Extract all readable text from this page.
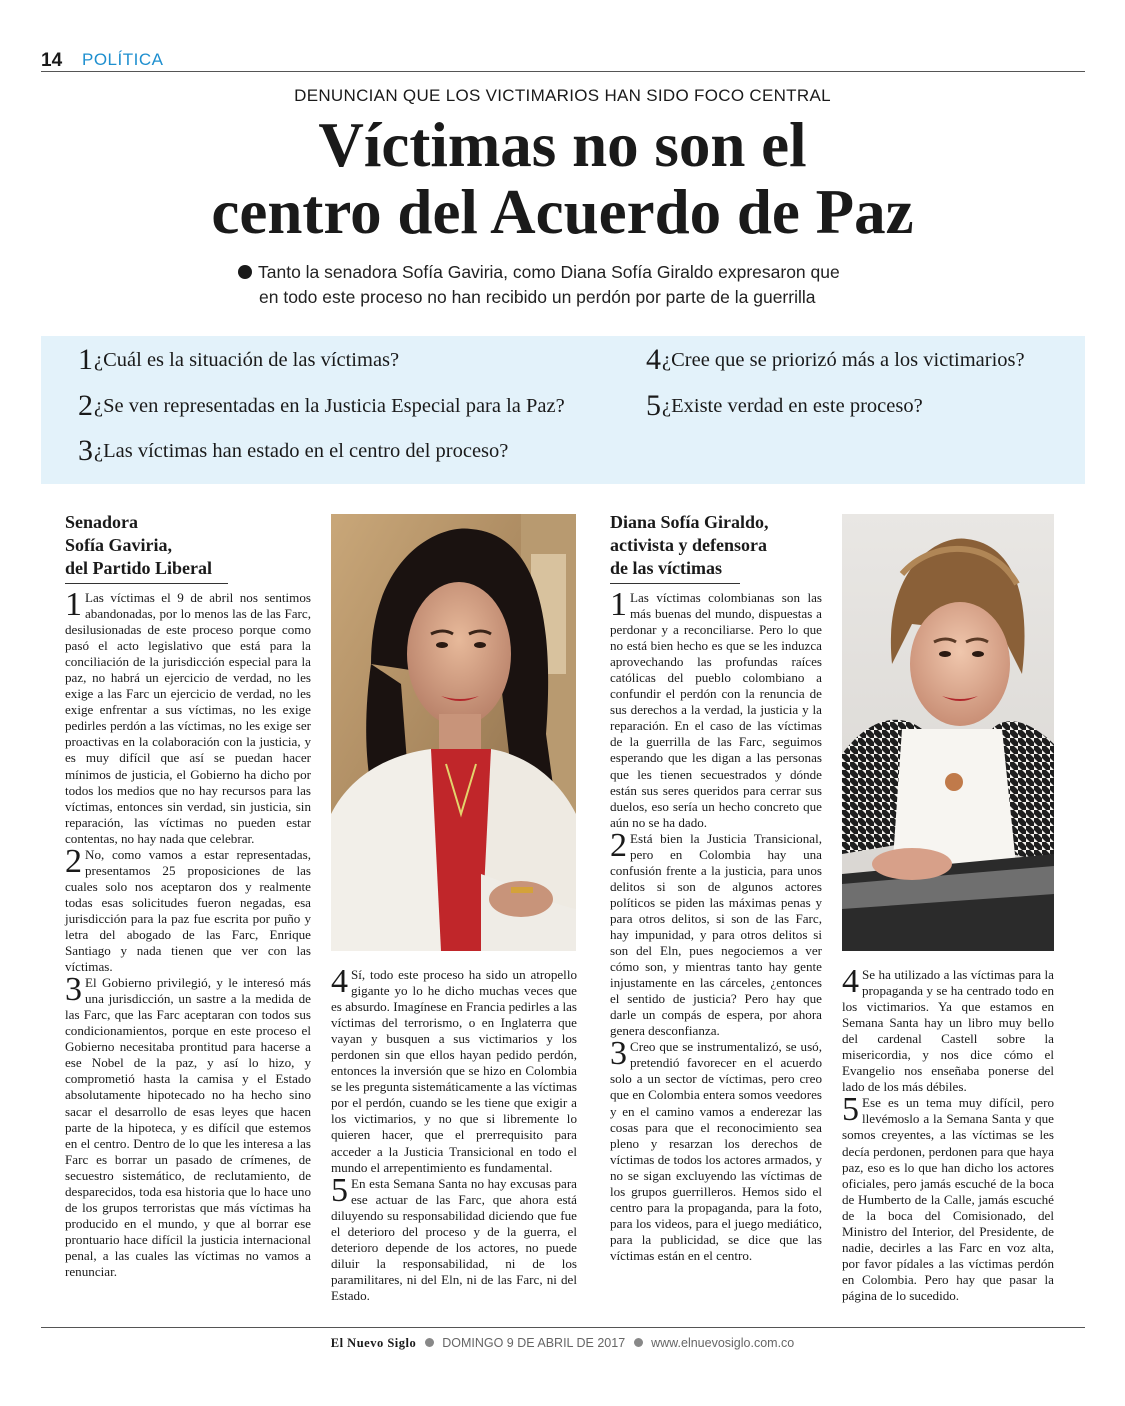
14 POLÍTICA
DENUNCIAN QUE LOS VICTIMARIOS HAN SIDO FOCO CENTRAL
Víctimas no son el
centro del Acuerdo de Paz
Tanto la senadora Sofía Gaviria, como Diana Sofía Giraldo expresaron que
en todo este proceso no han recibido un perdón por parte de la guerrilla
1¿Cuál es la situación de las víctimas?
2¿Se ven representadas en la Justicia Especial para la Paz?
3¿Las víctimas han estado en el centro del proceso?
4¿Cree que se priorizó más a los victimarios?
5¿Existe verdad en este proceso?
Senadora
Sofía Gaviria,
del Partido Liberal

1 Las víctimas el 9 de abril nos sentimos abandonadas, por lo menos las de las Farc, desilusionadas de este proceso porque como pasó el acto legislativo que está para la conciliación de la jurisdicción especial para la paz, no habrá un ejercicio de verdad, no les exige a las Farc un ejercicio de verdad, no les exige enfrentar a sus víctimas, no les exige pedirles perdón a las víctimas, no les exige ser proactivas en la colaboración con la justicia, y es muy difícil que así se puedan hacer mínimos de justicia, el Gobierno ha dicho por todos los medios que no hay recursos para las víctimas, entonces sin verdad, sin justicia, sin reparación, las víctimas no pueden estar contentas, no hay nada que celebrar.

2 No, como vamos a estar representadas, presentamos 25 proposiciones de las cuales solo nos aceptaron dos y realmente todas esas solicitudes fueron negadas, esa jurisdicción para la paz fue escrita por puño y letra del abogado de las Farc, Enrique Santiago y nada tienen que ver con las víctimas.

3 El Gobierno privilegió, y le interesó más una jurisdicción, un sastre a la medida de las Farc, que las Farc aceptaran con todos sus condicionamientos, porque en este proceso el Gobierno necesitaba prontitud para hacerse a ese Nobel de la paz, y así lo hizo, y comprometió hasta la camisa y el Estado absolutamente hipotecado no ha hecho sino sacar el desarrollo de esas leyes que hacen parte de la hipoteca, y es difícil que estemos en el centro. Dentro de lo que les interesa a las Farc es borrar un pasado de crímenes, de secuestro sistemático, de reclutamiento, de desparecidos, toda esa historia que lo hace uno de los grupos terroristas que más víctimas ha producido en el mundo, y que al borrar ese prontuario hace difícil la justicia internacional penal, a las cuales las víctimas no vamos a renunciar.

4 Sí, todo este proceso ha sido un atropello gigante yo lo he dicho muchas veces que es absurdo. Imagínese en Francia pedirles a las víctimas del terrorismo, o en Inglaterra que vayan y busquen a sus victimarios y los perdonen sin que ellos hayan pedido perdón, entonces la inversión que se hizo en Colombia se les pregunta sistemáticamente a las víctimas por el perdón, cuando se les tiene que exigir a los victimarios, y no que si libremente lo quieren hacer, que el prerrequisito para acceder a la Justicia Transicional en todo el mundo el arrepentimiento es fundamental.

5 En esta Semana Santa no hay excusas para ese actuar de las Farc, que ahora está diluyendo su responsabilidad diciendo que fue el deterioro del proceso y de la guerra, el deterioro depende de los actores, no puede diluir la responsabilidad, ni de los paramilitares, ni del Eln, ni de las Farc, ni del Estado.

Diana Sofía Giraldo,
activista y defensora
de las víctimas

1 Las víctimas colombianas son las más buenas del mundo, dispuestas a perdonar y a reconciliarse. Pero lo que no está bien hecho es que se les induzca aprovechando las profundas raíces católicas del pueblo colombiano a confundir el perdón con la renuncia de sus derechos a la verdad, la justicia y la reparación. En el caso de las víctimas de la guerrilla de las Farc, seguimos esperando que les digan a las personas que les tienen secuestrados y dónde están sus seres queridos para cerrar sus duelos, eso sería un hecho concreto que aún no se ha dado.

2 Está bien la Justicia Transicional, pero en Colombia hay una confusión frente a la justicia, para unos delitos si son de algunos actores políticos se piden las máximas penas y para otros delitos, si son de las Farc, hay impunidad, y para otros delitos si son del Eln, pues negociemos a ver cómo son, y mientras tanto hay gente injustamente en las cárceles, ¿entonces el sentido de justicia? Pero hay que darle un compás de espera, por ahora genera desconfianza.

3 Creo que se instrumentalizó, se usó, pretendió favorecer en el acuerdo solo a un sector de víctimas, pero creo que en Colombia entera somos veedores y en el camino vamos a enderezar las cosas para que el reconocimiento sea pleno y resarzan los derechos de víctimas de todos los actores armados, y no se sigan excluyendo las víctimas de los grupos guerrilleros. Hemos sido el centro para la propaganda, para la foto, para los videos, para el juego mediático, para la publicidad, se dice que las víctimas están en el centro.

4 Se ha utilizado a las víctimas para la propaganda y se ha centrado todo en los victimarios. Ya que estamos en Semana Santa hay un libro muy bello del cardenal Castell sobre la misericordia, y nos dice cómo el Evangelio nos enseñaba ponerse del lado de los más débiles.

5 Ese es un tema muy difícil, pero llevémoslo a la Semana Santa y que somos creyentes, a las víctimas se les decía perdonen, perdonen para que haya paz, eso es lo que han dicho los actores oficiales, pero jamás escuché de la boca de Humberto de la Calle, jamás escuché de la boca del Comisionado, del Ministro del Interior, del Presidente, de nadie, decirles a las Farc en voz alta, por favor pídales a las víctimas perdón en Colombia. Pero hay que pasar la página de lo sucedido.

El Nuevo Siglo DOMINGO 9 DE ABRIL DE 2017 www.elnuevosiglo.com.co
